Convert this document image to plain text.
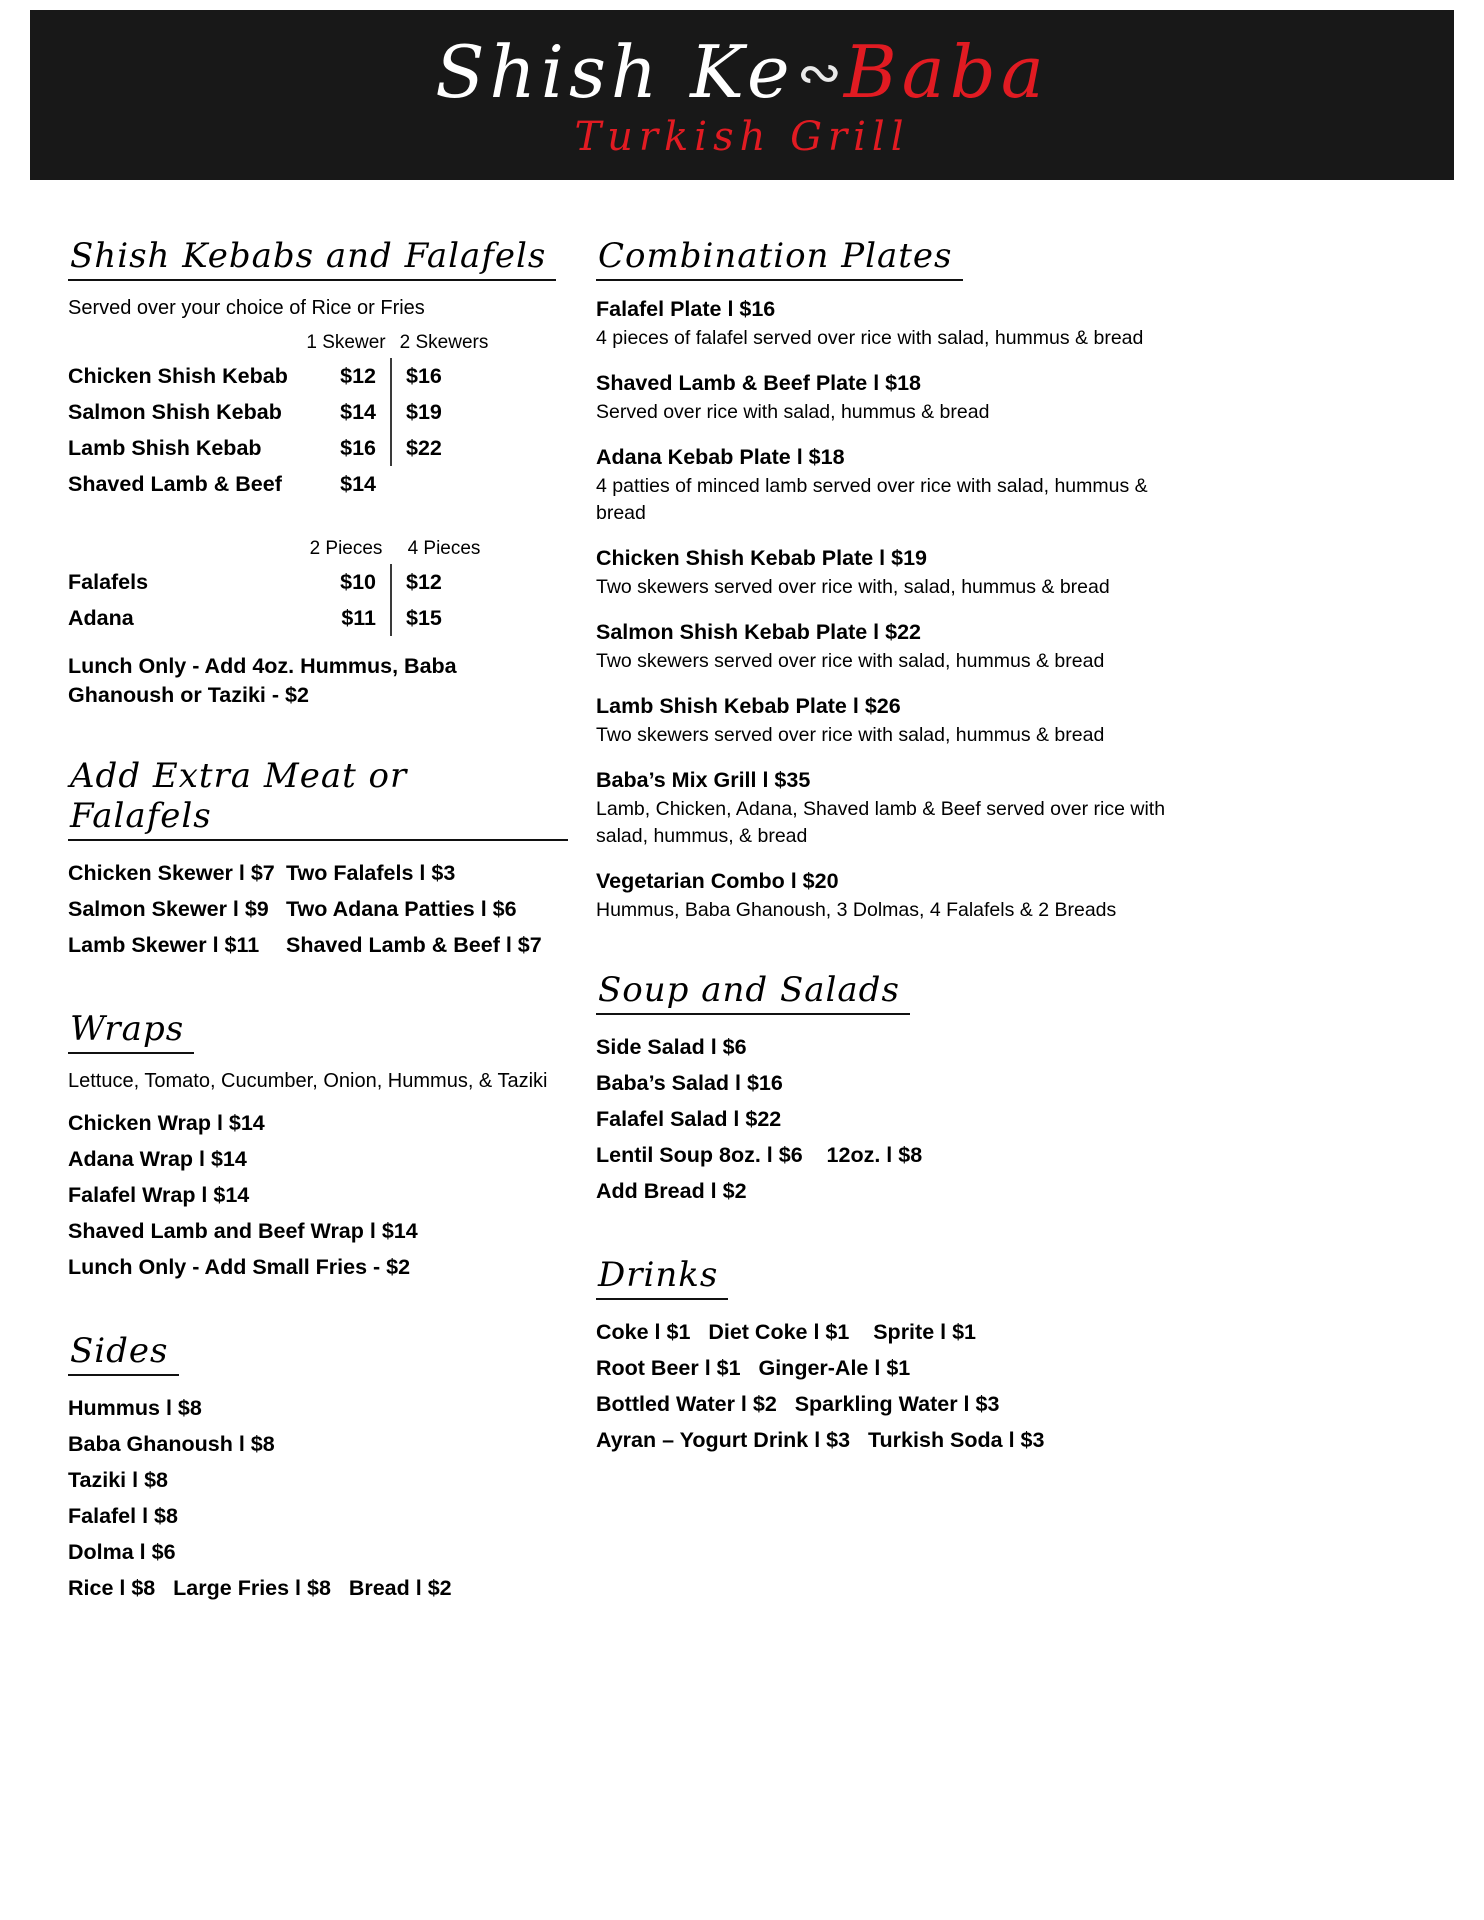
Shish Ke∾Baba
Turkish Grill
Shish Kebabs and Falafels
Served over your choice of Rice or Fries
1 Skewer 2 Skewers
Chicken Shish Kebab	$12	$16
Salmon Shish Kebab	$14	$19
Lamb Shish Kebab	$16	$22
Shaved Lamb & Beef	$14
2 Pieces	4 Pieces
Falafels	$10	$12
Adana	$11	$15
Lunch Only - Add 4oz. Hummus, Baba Ghanoush or Taziki - $2
Add Extra Meat or Falafels
Chicken Skewer l $7 Two Falafels l $3
Salmon Skewer l $9 Two Adana Patties l $6
Lamb Skewer l $11	Shaved Lamb & Beef l $7
Wraps
Lettuce, Tomato, Cucumber, Onion, Hummus, & Taziki
Chicken Wrap l $14
Adana Wrap l $14
Falafel Wrap l $14
Shaved Lamb and Beef Wrap l $14
Lunch Only - Add Small Fries - $2
Sides
Hummus l $8
Baba Ghanoush l $8
Taziki l $8
Falafel l $8
Dolma l $6
Rice l $8   Large Fries l $8   Bread l $2
Combination Plates
Falafel Plate l $16
4 pieces of falafel served over rice with salad, hummus & bread
Shaved Lamb & Beef Plate l $18
Served over rice with salad, hummus & bread
Adana Kebab Plate l $18
4 patties of minced lamb served over rice with salad, hummus & bread
Chicken Shish Kebab Plate l $19
Two skewers served over rice with, salad, hummus & bread
Salmon Shish Kebab Plate l $22
Two skewers served over rice with salad, hummus & bread
Lamb Shish Kebab Plate l $26
Two skewers served over rice with salad, hummus & bread
Baba’s Mix Grill l $35
Lamb, Chicken, Adana, Shaved lamb & Beef served over rice with salad, hummus, & bread
Vegetarian Combo l $20
Hummus, Baba Ghanoush, 3 Dolmas, 4 Falafels & 2 Breads
Soup and Salads
Side Salad l $6
Baba’s Salad l $16
Falafel Salad l $22
Lentil Soup 8oz. l $6    12oz. l $8
Add Bread l $2
Drinks
Coke l $1   Diet Coke l $1    Sprite l $1
Root Beer l $1   Ginger-Ale l $1
Bottled Water l $2   Sparkling Water l $3
Ayran – Yogurt Drink l $3   Turkish Soda l $3
